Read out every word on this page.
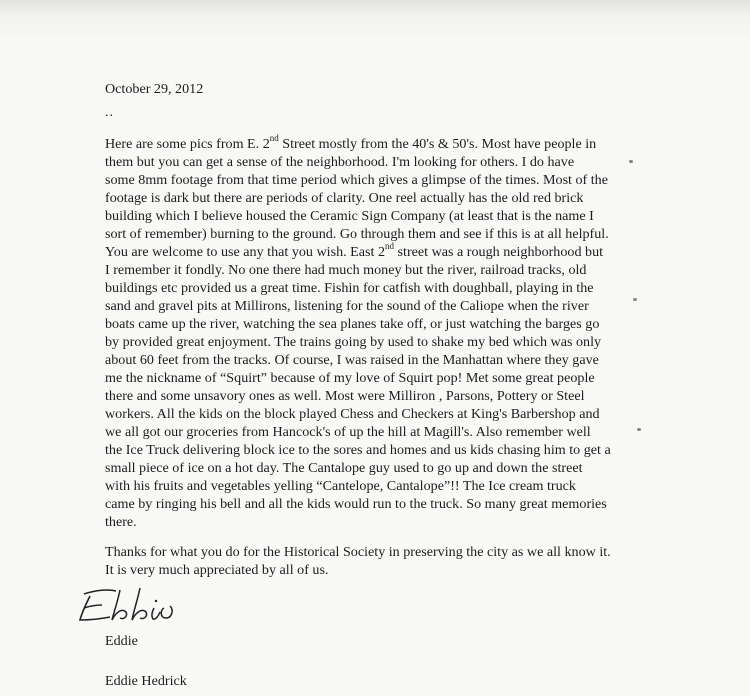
October 29, 2012
..
Here are some pics from E. 2nd Street mostly from the 40's & 50's. Most have people in
them but you can get a sense of the neighborhood. I'm looking for others. I do have
some 8mm footage from that time period which gives a glimpse of the times. Most of the
footage is dark but there are periods of clarity. One reel actually has the old red brick
building which I believe housed the Ceramic Sign Company (at least that is the name I
sort of remember) burning to the ground. Go through them and see if this is at all helpful.
You are welcome to use any that you wish. East 2nd street was a rough neighborhood but
I remember it fondly. No one there had much money but the river, railroad tracks, old
buildings etc provided us a great time. Fishin for catfish with doughball, playing in the
sand and gravel pits at Millirons, listening for the sound of the Caliope when the river
boats came up the river, watching the sea planes take off, or just watching the barges go
by provided great enjoyment. The trains going by used to shake my bed which was only
about 60 feet from the tracks. Of course, I was raised in the Manhattan where they gave
me the nickname of “Squirt” because of my love of Squirt pop! Met some great people
there and some unsavory ones as well. Most were Milliron , Parsons, Pottery or Steel
workers. All the kids on the block played Chess and Checkers at King's Barbershop and
we all got our groceries from Hancock's of up the hill at Magill's. Also remember well
the Ice Truck delivering block ice to the sores and homes and us kids chasing him to get a
small piece of ice on a hot day. The Cantalope guy used to go up and down the street
with his fruits and vegetables yelling “Cantelope, Cantalope”!! The Ice cream truck
came by ringing his bell and all the kids would run to the truck. So many great memories
there.
Thanks for what you do for the Historical Society in preserving the city as we all know it.
It is very much appreciated by all of us.
Eddie
Eddie Hedrick
